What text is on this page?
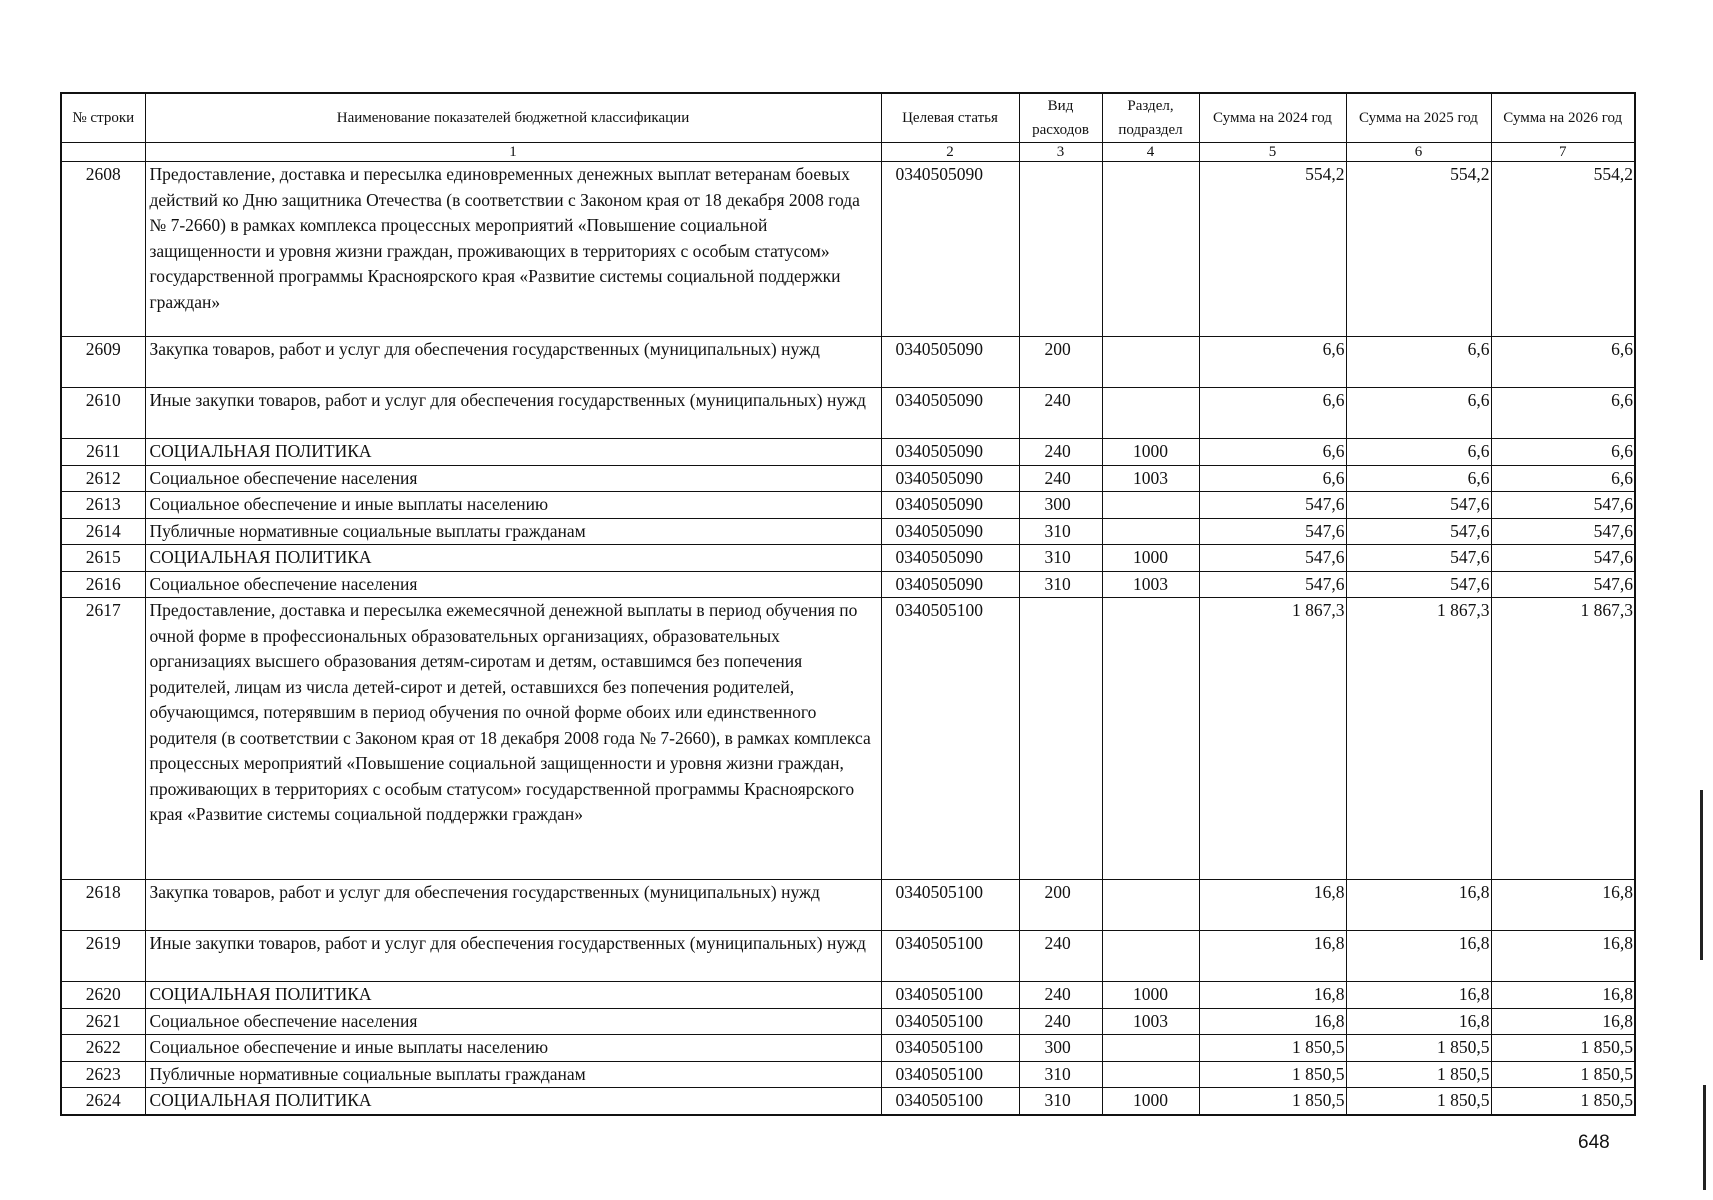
№ строки	Наименование показателей бюджетной классификации	Целевая статья	Вид расходов	Раздел, подраздел	Сумма на 2024 год	Сумма на 2025 год	Сумма на 2026 год
	1	2	3	4	5	6	7
2608	Предоставление, доставка и пересылка единовременных денежных выплат ветеранам боевых действий ко Дню защитника Отечества (в соответствии с Законом края от 18 декабря 2008 года № 7-2660) в рамках комплекса процессных мероприятий «Повышение социальной защищенности и уровня жизни граждан, проживающих в территориях с особым статусом» государственной программы Красноярского края «Развитие системы социальной поддержки граждан»	0340505090			554,2	554,2	554,2
2609	Закупка товаров, работ и услуг для обеспечения государственных (муниципальных) нужд	0340505090	200		6,6	6,6	6,6
2610	Иные закупки товаров, работ и услуг для обеспечения государственных (муниципальных) нужд	0340505090	240		6,6	6,6	6,6
2611	СОЦИАЛЬНАЯ ПОЛИТИКА	0340505090	240	1000	6,6	6,6	6,6
2612	Социальное обеспечение населения	0340505090	240	1003	6,6	6,6	6,6
2613	Социальное обеспечение и иные выплаты населению	0340505090	300		547,6	547,6	547,6
2614	Публичные нормативные социальные выплаты гражданам	0340505090	310		547,6	547,6	547,6
2615	СОЦИАЛЬНАЯ ПОЛИТИКА	0340505090	310	1000	547,6	547,6	547,6
2616	Социальное обеспечение населения	0340505090	310	1003	547,6	547,6	547,6
2617	Предоставление, доставка и пересылка ежемесячной денежной выплаты в период обучения по очной форме в профессиональных образовательных организациях, образовательных организациях высшего образования детям-сиротам и детям, оставшимся без попечения родителей, лицам из числа детей-сирот и детей, оставшихся без попечения родителей, обучающимся, потерявшим в период обучения по очной форме обоих или единственного родителя (в соответствии с Законом края от 18 декабря 2008 года № 7-2660), в рамках комплекса процессных мероприятий «Повышение социальной защищенности и уровня жизни граждан, проживающих в территориях с особым статусом» государственной программы Красноярского края «Развитие системы социальной поддержки граждан»	0340505100			1 867,3	1 867,3	1 867,3
2618	Закупка товаров, работ и услуг для обеспечения государственных (муниципальных) нужд	0340505100	200		16,8	16,8	16,8
2619	Иные закупки товаров, работ и услуг для обеспечения государственных (муниципальных) нужд	0340505100	240		16,8	16,8	16,8
2620	СОЦИАЛЬНАЯ ПОЛИТИКА	0340505100	240	1000	16,8	16,8	16,8
2621	Социальное обеспечение населения	0340505100	240	1003	16,8	16,8	16,8
2622	Социальное обеспечение и иные выплаты населению	0340505100	300		1 850,5	1 850,5	1 850,5
2623	Публичные нормативные социальные выплаты гражданам	0340505100	310		1 850,5	1 850,5	1 850,5
2624	СОЦИАЛЬНАЯ ПОЛИТИКА	0340505100	310	1000	1 850,5	1 850,5	1 850,5
648
